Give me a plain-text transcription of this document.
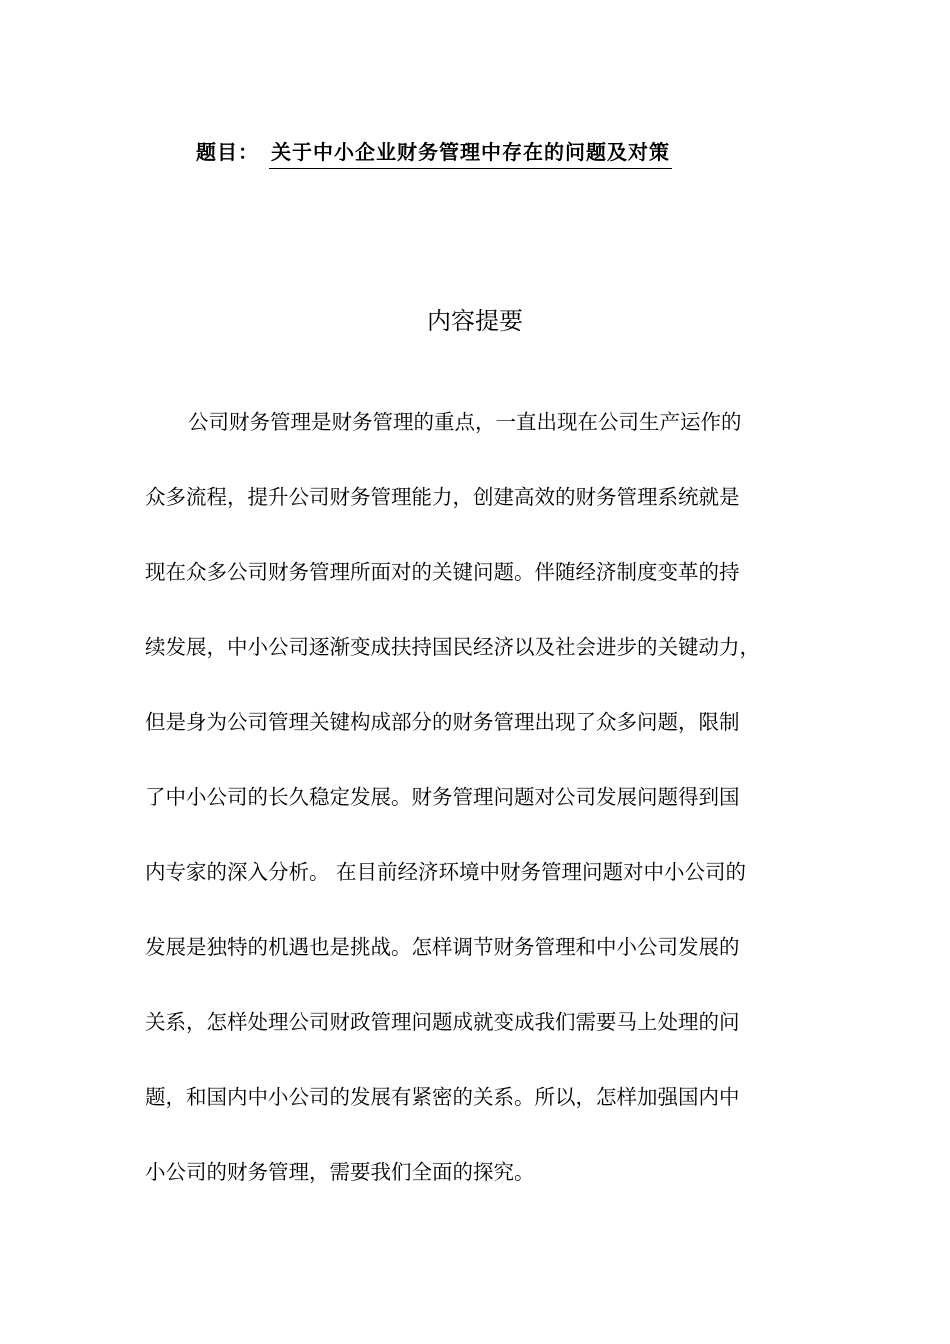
题目： 关于中小企业财务管理中存在的问题及对策
内容提要
公司财务管理是财务管理的重点，一直出现在公司生产运作的
众多流程，提升公司财务管理能力，创建高效的财务管理系统就是
现在众多公司财务管理所面对的关键问题。伴随经济制度变革的持
续发展，中小公司逐渐变成扶持国民经济以及社会进步的关键动力，
但是身为公司管理关键构成部分的财务管理出现了众多问题，限制
了中小公司的长久稳定发展。财务管理问题对公司发展问题得到国
内专家的深入分析。 在目前经济环境中财务管理问题对中小公司的
发展是独特的机遇也是挑战。怎样调节财务管理和中小公司发展的
关系，怎样处理公司财政管理问题成就变成我们需要马上处理的问
题，和国内中小公司的发展有紧密的关系。所以，怎样加强国内中
小公司的财务管理，需要我们全面的探究。
